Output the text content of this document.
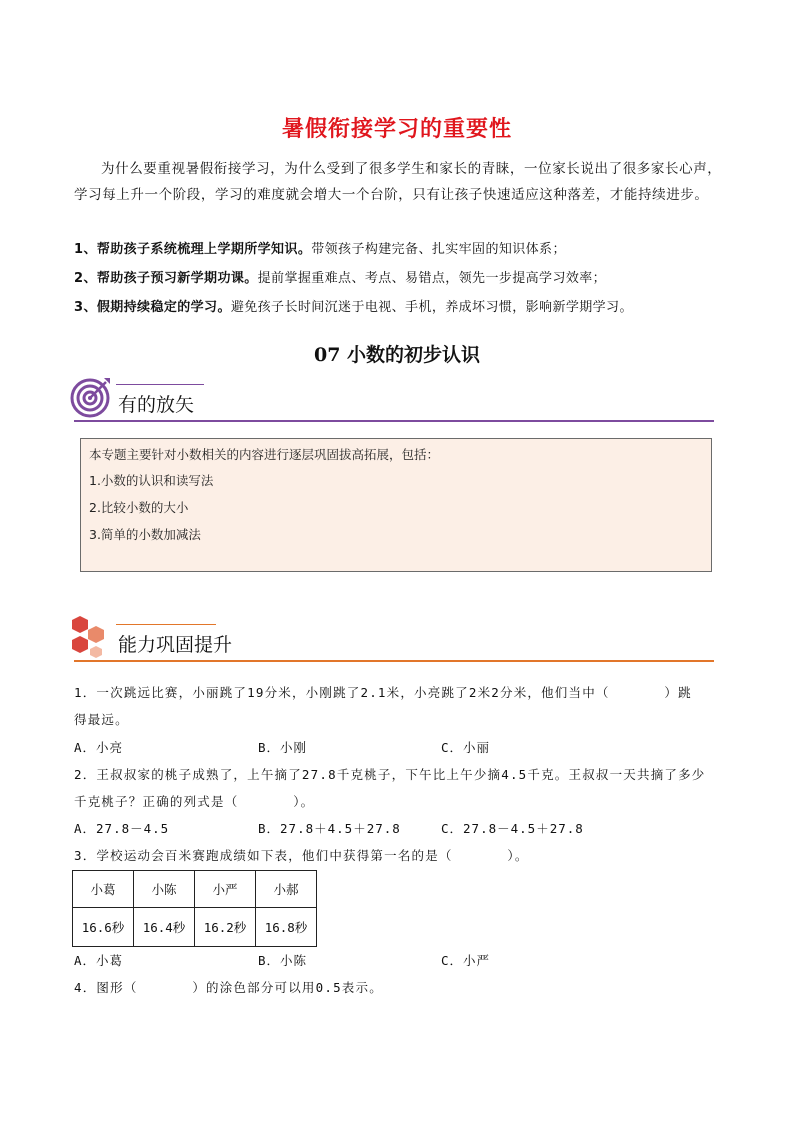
暑假衔接学习的重要性
为什么要重视暑假衔接学习，为什么受到了很多学生和家长的青睐，一位家长说出了很多家长心声，学习每上升一个阶段，学习的难度就会增大一个台阶，只有让孩子快速适应这种落差，才能持续进步。
1、帮助孩子系统梳理上学期所学知识。带领孩子构建完备、扎实牢固的知识体系；
2、帮助孩子预习新学期功课。提前掌握重难点、考点、易错点，领先一步提高学习效率；
3、假期持续稳定的学习。避免孩子长时间沉迷于电视、手机，养成坏习惯，影响新学期学习。
07 小数的初步认识
有的放矢
本专题主要针对小数相关的内容进行逐层巩固拔高拓展，包括：
1.小数的认识和读写法
2.比较小数的大小
3.简单的小数加减法
能力巩固提升
1．一次跳远比赛，小丽跳了19分米，小刚跳了2.1米，小亮跳了2米2分米，他们当中（　　　　）跳
得最远。
A．小亮	B．小刚	C．小丽
2．王叔叔家的桃子成熟了，上午摘了27.8千克桃子，下午比上午少摘4.5千克。王叔叔一天共摘了多少
千克桃子？正确的列式是（　　　　）。
A．27.8－4.5	B．27.8＋4.5＋27.8	C．27.8－4.5＋27.8
3．学校运动会百米赛跑成绩如下表，他们中获得第一名的是（　　　　）。
小葛	小陈	小严	小郝
16.6秒	16.4秒	16.2秒	16.8秒
A．小葛	B．小陈	C．小严
4．图形（　　　　）的涂色部分可以用0.5表示。
